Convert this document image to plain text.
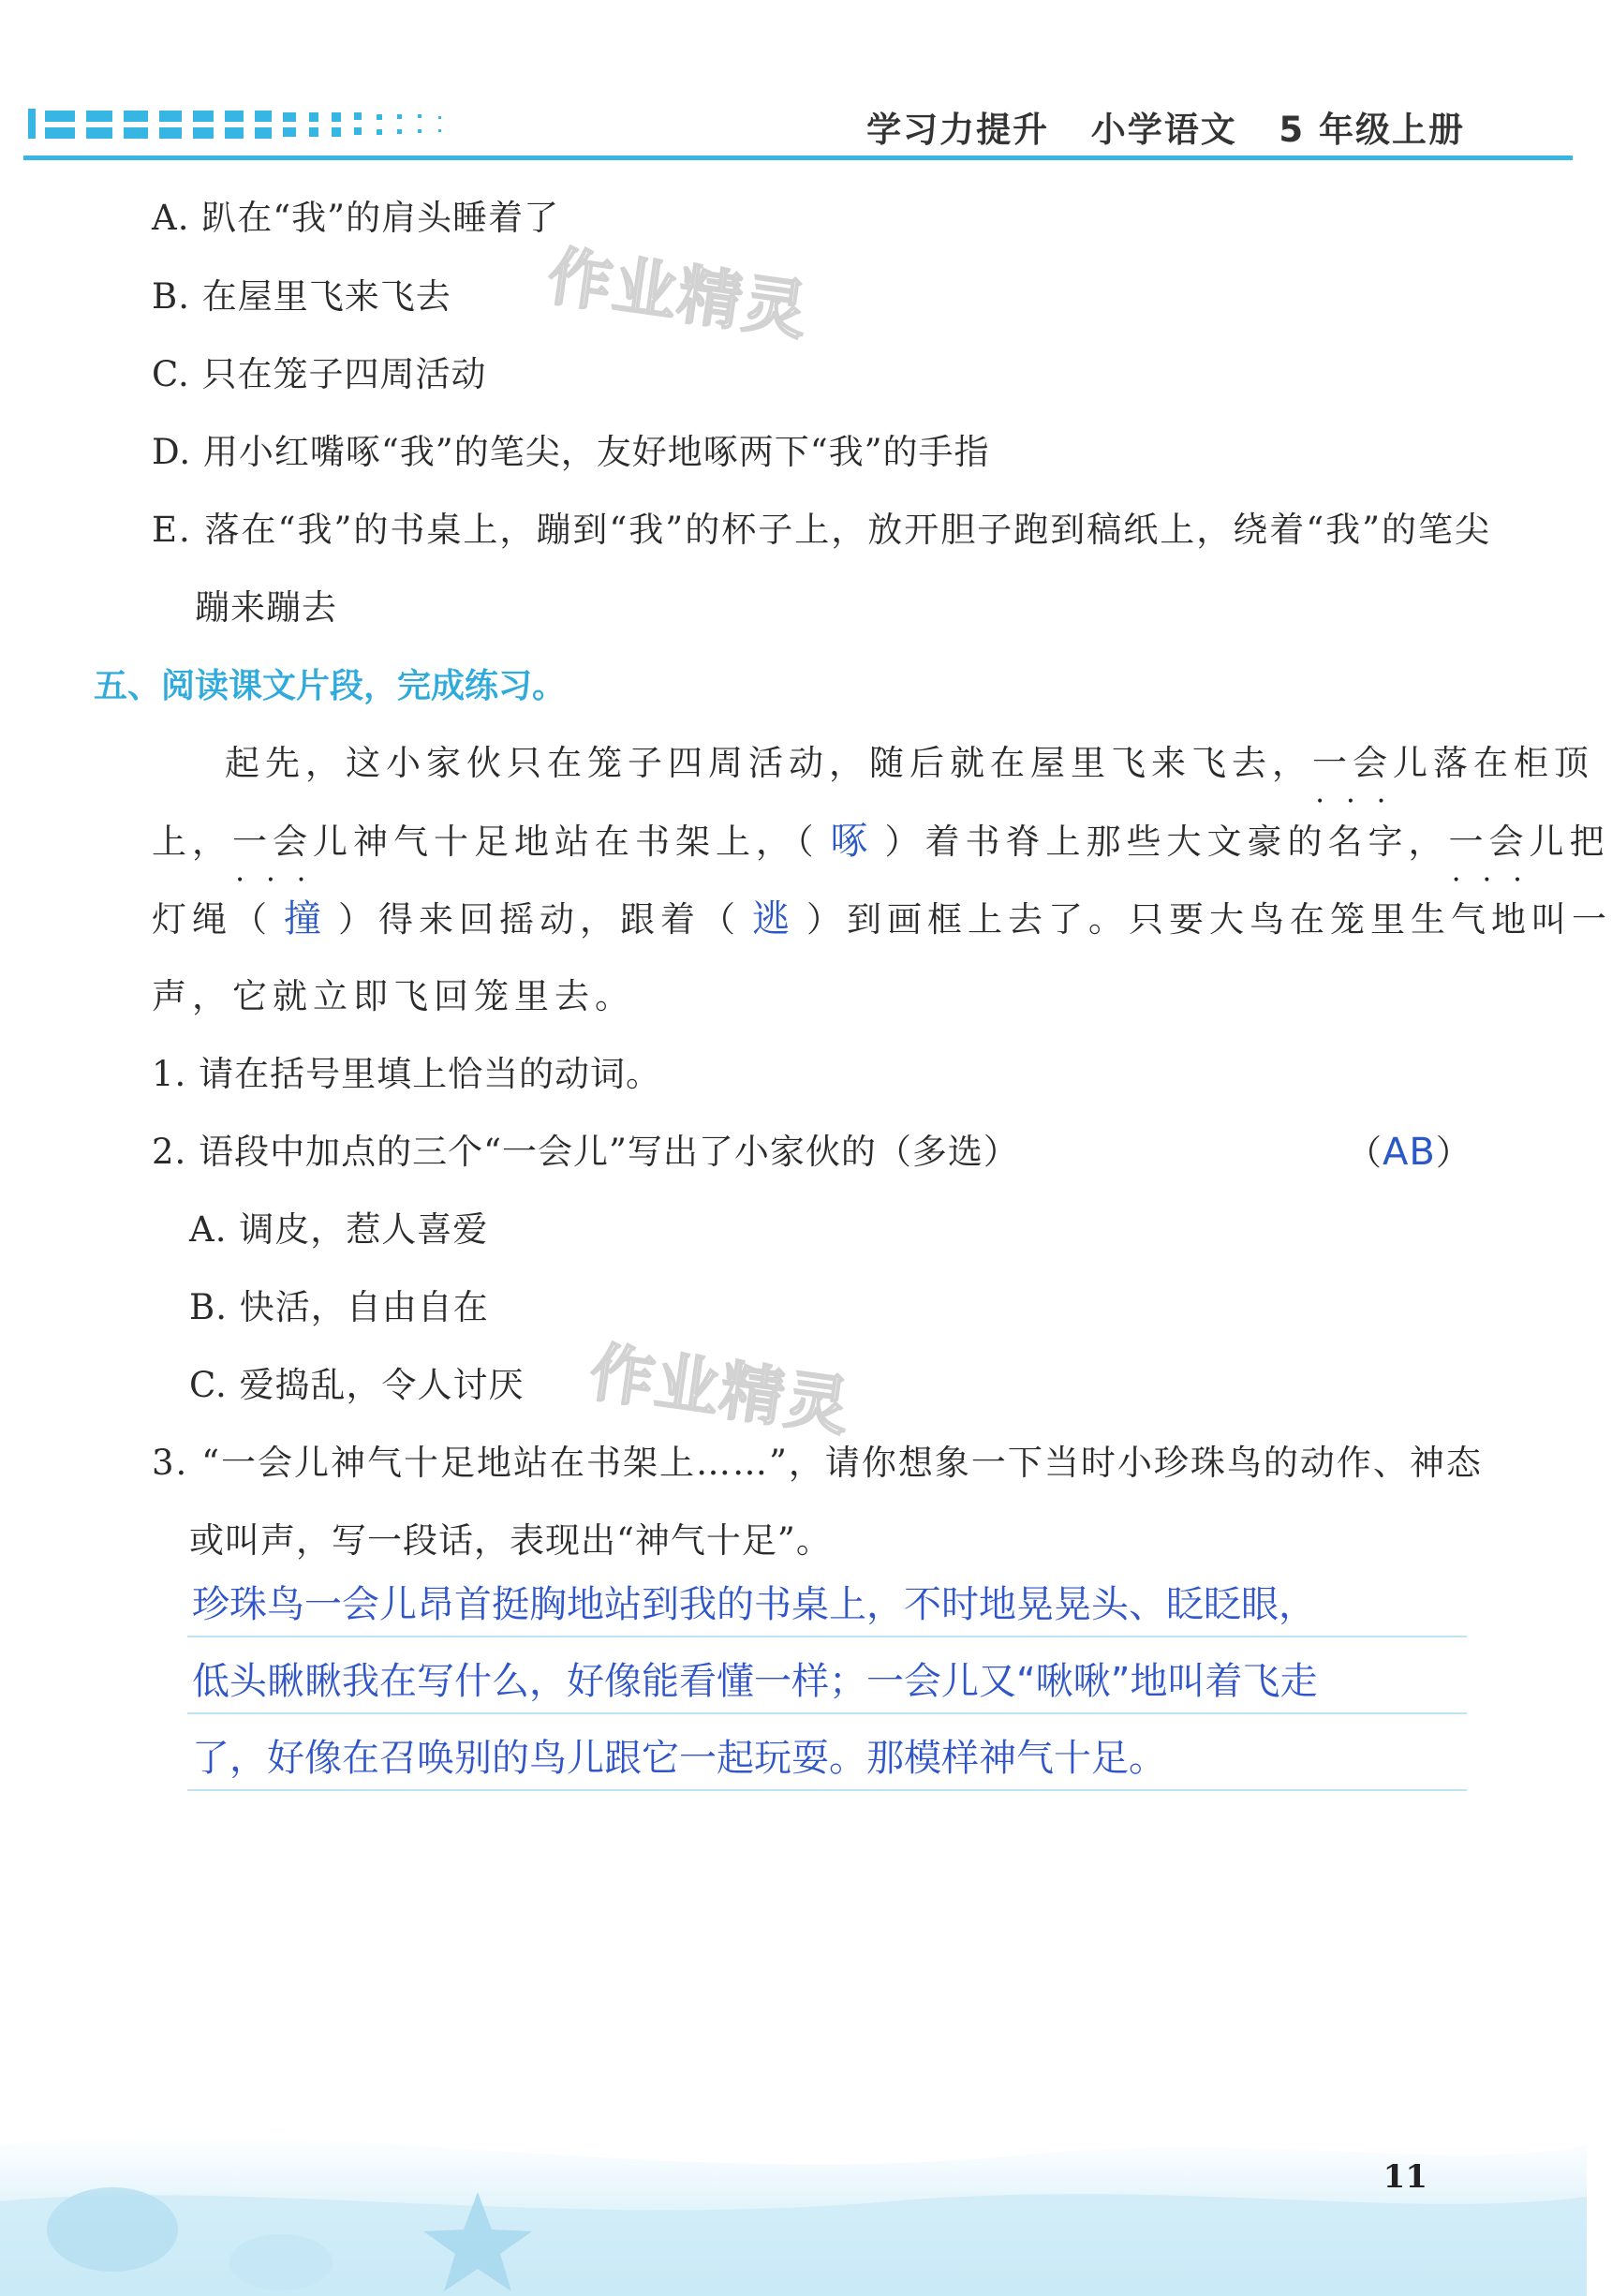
学习力提升   小学语文   5 年级上册
A. 趴在“我”的肩头睡着了
B. 在屋里飞来飞去
C. 只在笼子四周活动
D. 用小红嘴啄“我”的笔尖，友好地啄两下“我”的手指
E. 落在“我”的书桌上，蹦到“我”的杯子上，放开胆子跑到稿纸上，绕着“我”的笔尖
蹦来蹦去
作业精灵
五、阅读课文片段，完成练习。
起先，这小家伙只在笼子四周活动，随后就在屋里飞来飞去，一会儿 • • •落在柜顶
上，一会儿 • • •神气十足地站在书架上，（ 啄 ）着书脊上那些大文豪的名字，一会儿 • • •把
灯绳（ 撞 ）得来回摇动，跟着（ 逃 ）到画框上去了。只要大鸟在笼里生气地叫一
声，它就立即飞回笼里去。
1. 请在括号里填上恰当的动词。
2. 语段中加点的三个“一会儿”写出了小家伙的（多选）	（AB）
A. 调皮，惹人喜爱
B. 快活，自由自在
C. 爱捣乱，令人讨厌 作业精灵
3. “一会儿神气十足地站在书架上……”，请你想象一下当时小珍珠鸟的动作、神态
或叫声，写一段话，表现出“神气十足”。
珍珠鸟一会儿昂首挺胸地站到我的书桌上，不时地晃晃头、眨眨眼，
低头瞅瞅我在写什么，好像能看懂一样；一会儿又“啾啾”地叫着飞走
了，好像在召唤别的鸟儿跟它一起玩耍。那模样神气十足。
11
